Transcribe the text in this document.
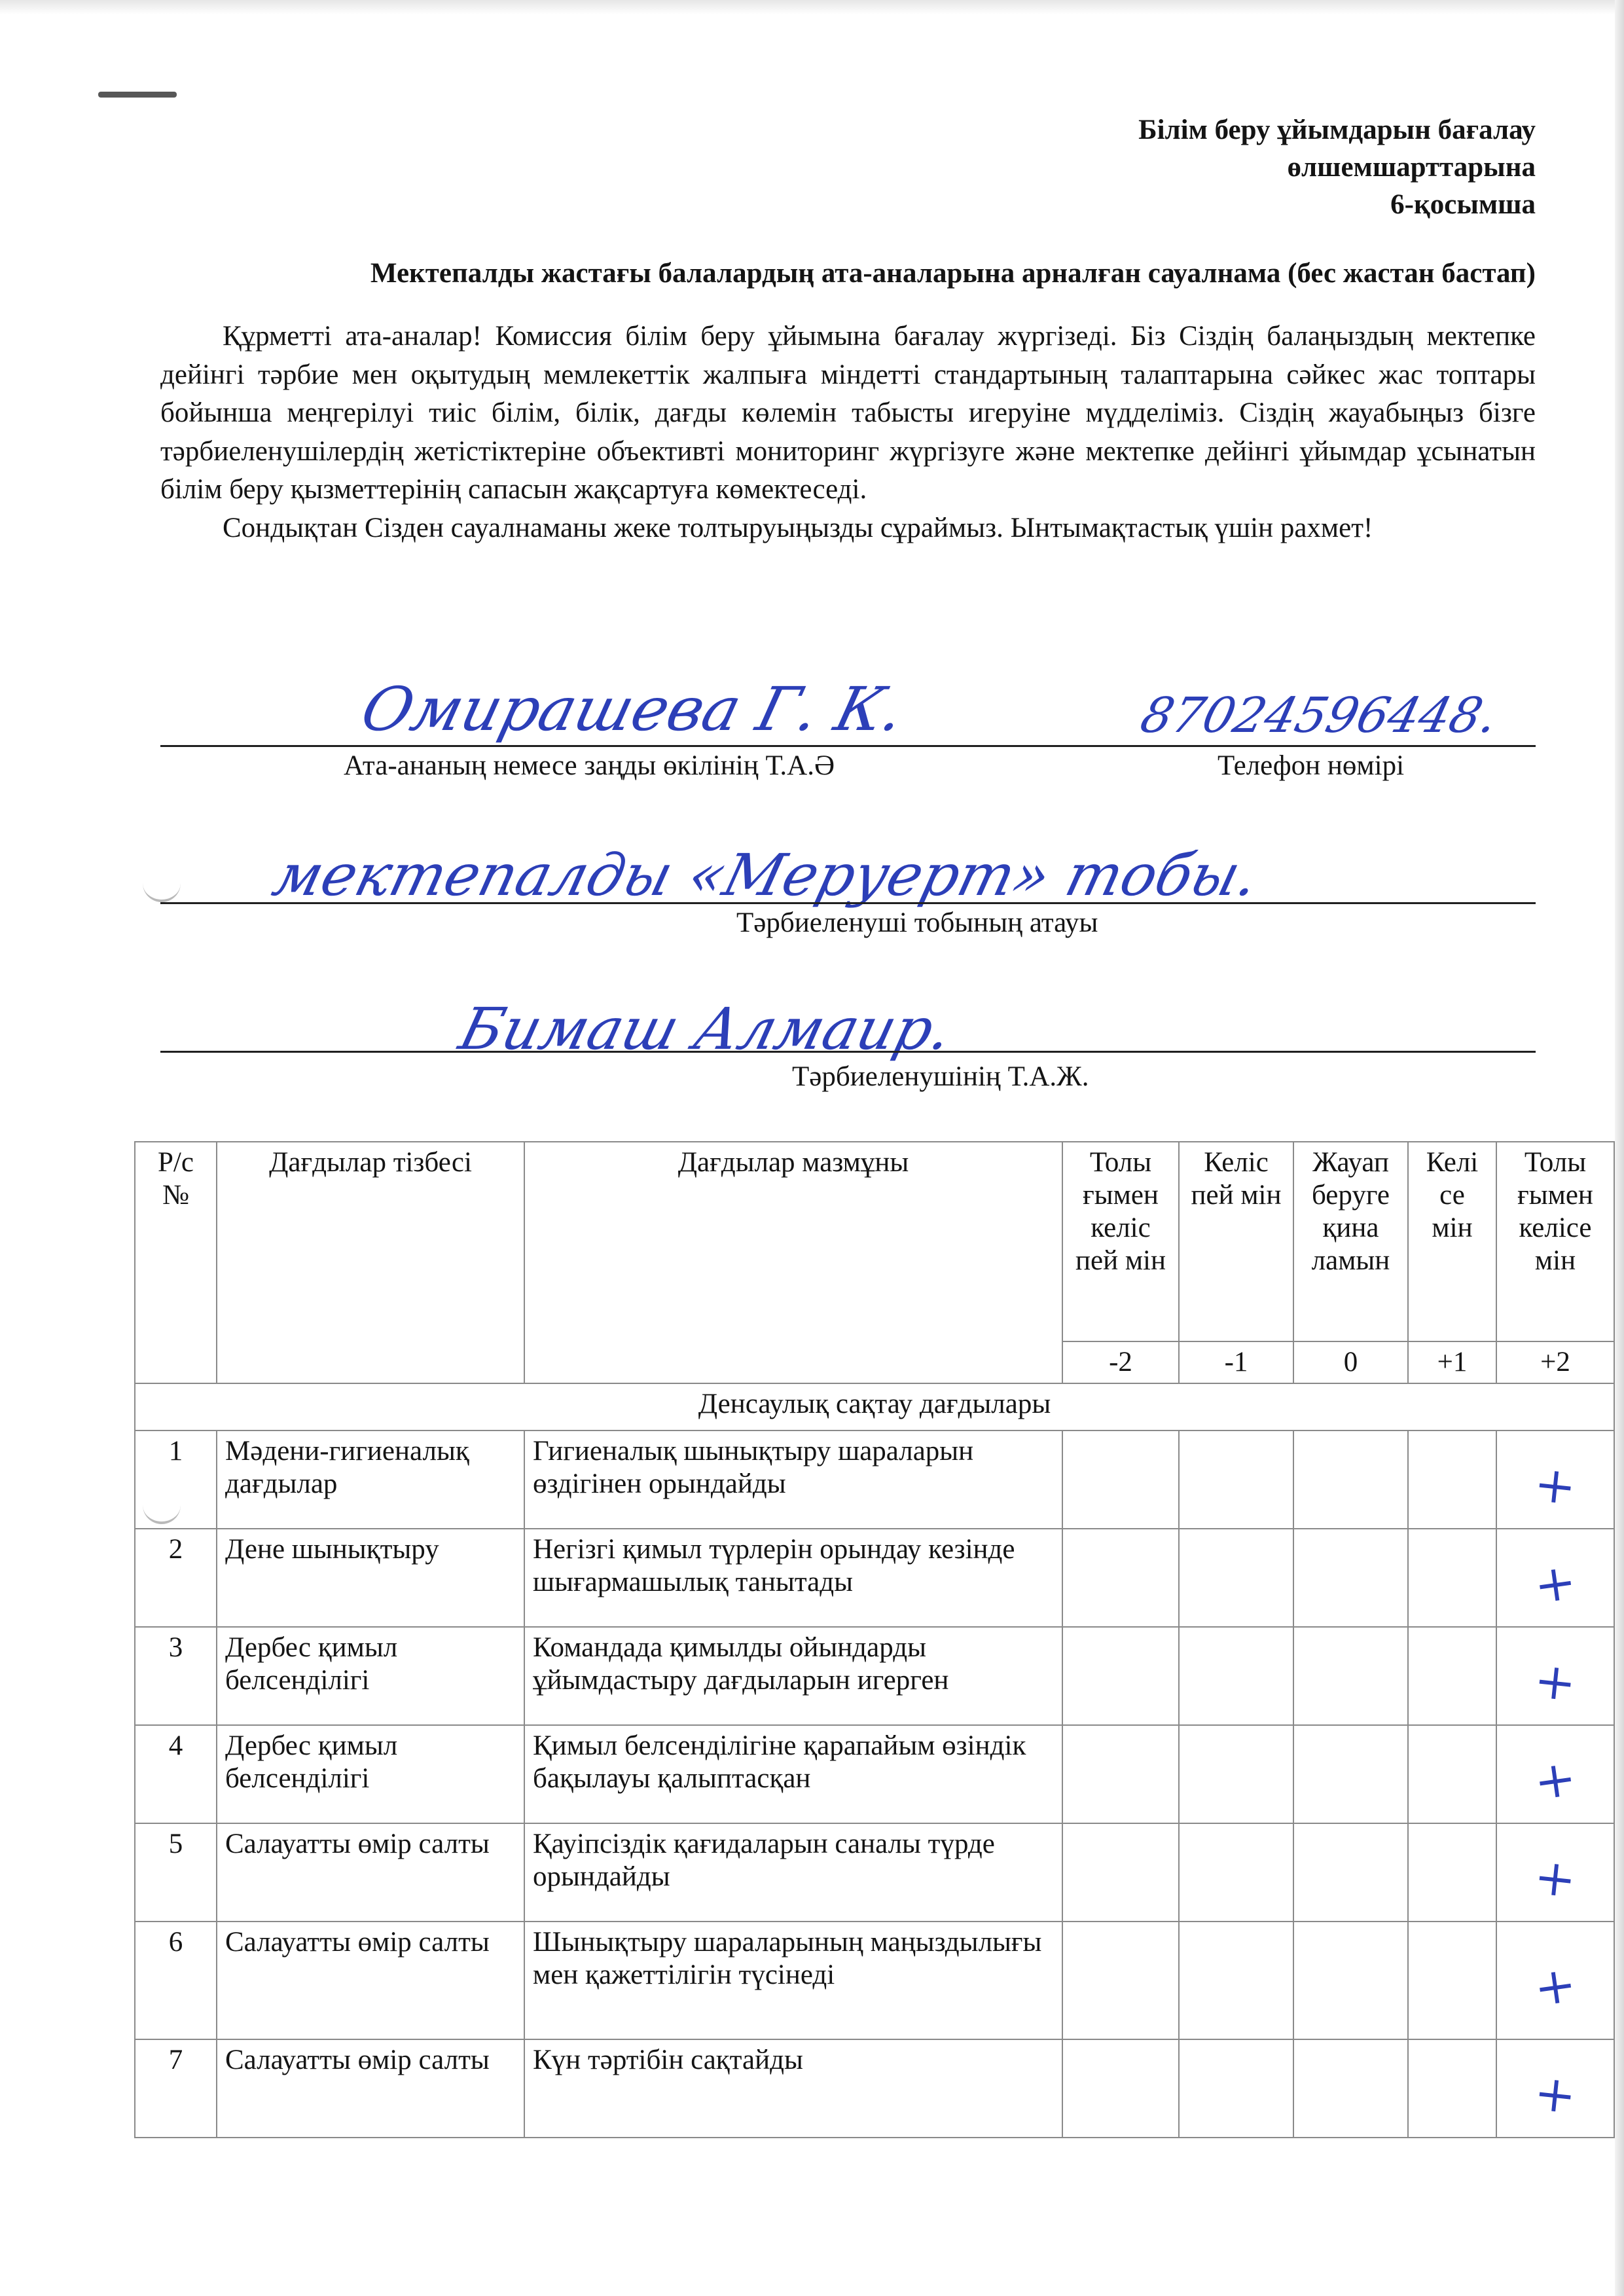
Білім беру ұйымдарын бағалау
өлшемшарттарына
6-қосымша
Мектепалды жастағы балалардың ата-аналарына арналған сауалнама (бес жастан бастап)

Құрметті ата-аналар! Комиссия білім беру ұйымына бағалау жүргізеді. Біз Сіздің балаңыздың мектепке дейінгі тәрбие мен оқытудың мемлекеттік жалпыға міндетті стандартының талаптарына сәйкес жас топтары бойынша меңгерілуі тиіс білім, білік, дағды көлемін табысты игеруіне мүдделіміз. Сіздің жауабыңыз бізге тәрбиеленушілердің жетістіктеріне объективті мониторинг жүргізуге және мектепке дейінгі ұйымдар ұсынатын білім беру қызметтерінің сапасын жақсартуға көмектеседі.

Сондықтан Сізден сауалнаманы жеке толтыруыңызды сұраймыз. Ынтымақтастық үшін рахмет!

Омирашева Г. К.	87024596448.
Ата-ананың немесе заңды өкілінің Т.А.Ә	Телефон нөмірі
мектепалды «Меруерт» тобы.
Тәрбиеленуші тобының атауы
Бимаш Алмаир.
Тәрбиеленушінің Т.А.Ж.
Р/с №	Дағдылар тізбесі	Дағдылар мазмұны	Толы ғымен келіс пей мін	Келіс пей мін	Жауап беруге қина ламын	Келі се мін	Толы ғымен келісе мін
			-2	-1	0	+1	+2
Денсаулық сақтау дағдылары							
1	Мәдени-гигиеналық дағдылар	Гигиеналық шынықтыру шараларын өздігінен орындайды					+
2	Дене шынықтыру	Негізгі қимыл түрлерін орындау кезінде шығармашылық танытады					+
3	Дербес қимыл белсенділігі	Командада қимылды ойындарды ұйымдастыру дағдыларын игерген					+
4	Дербес қимыл белсенділігі	Қимыл белсенділігіне қарапайым өзіндік бақылауы қалыптасқан					+
5	Салауатты өмір салты	Қауіпсіздік қағидаларын саналы түрде орындайды					+
6	Салауатты өмір салты	Шынықтыру шараларының маңыздылығы мен қажеттілігін түсінеді					+
7	Салауатты өмір салты	Күн тәртібін сақтайды					+
